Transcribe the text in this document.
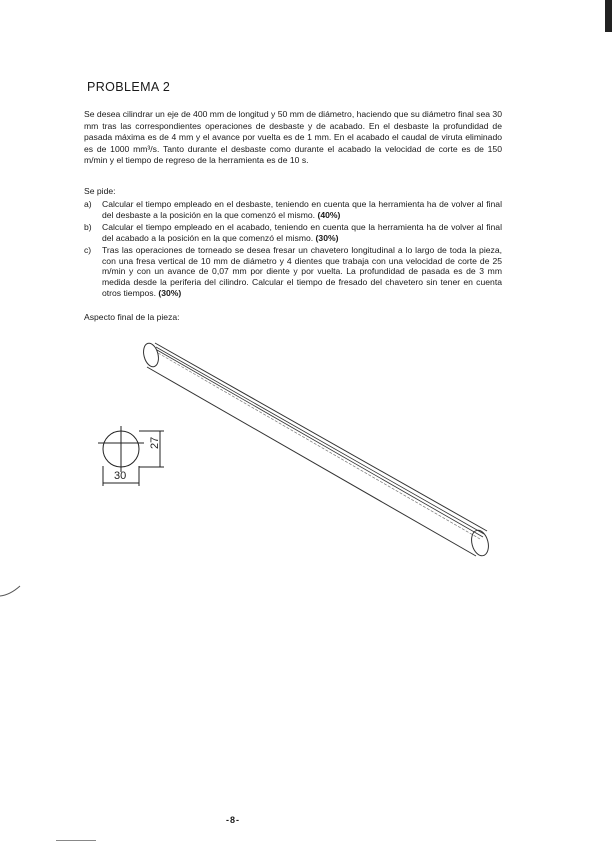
PROBLEMA 2

Se desea cilindrar un eje de 400 mm de longitud y 50 mm de diámetro, haciendo que su diámetro final sea 30 mm tras las correspondientes operaciones de desbaste y de acabado. En el desbaste la profundidad de pasada máxima es de 4 mm y el avance por vuelta es de 1 mm. En el acabado el caudal de viruta eliminado es de 1000 mm³/s. Tanto durante el desbaste como durante el acabado la velocidad de corte es de 150 m/min y el tiempo de regreso de la herramienta es de 10 s.

Se pide:
a) Calcular el tiempo empleado en el desbaste, teniendo en cuenta que la herramienta ha de volver al final del desbaste a la posición en la que comenzó el mismo. (40%)
b) Calcular el tiempo empleado en el acabado, teniendo en cuenta que la herramienta ha de volver al final del acabado a la posición en la que comenzó el mismo. (30%)
c) Tras las operaciones de torneado se desea fresar un chavetero longitudinal a lo largo de toda la pieza, con una fresa vertical de 10 mm de diámetro y 4 dientes que trabaja con una velocidad de corte de 25 m/min y con un avance de 0,07 mm por diente y por vuelta. La profundidad de pasada es de 3 mm medida desde la periferia del cilindro. Calcular el tiempo de fresado del chavetero sin tener en cuenta otros tiempos. (30%)
Aspecto final de la pieza:
27
30
-8-
